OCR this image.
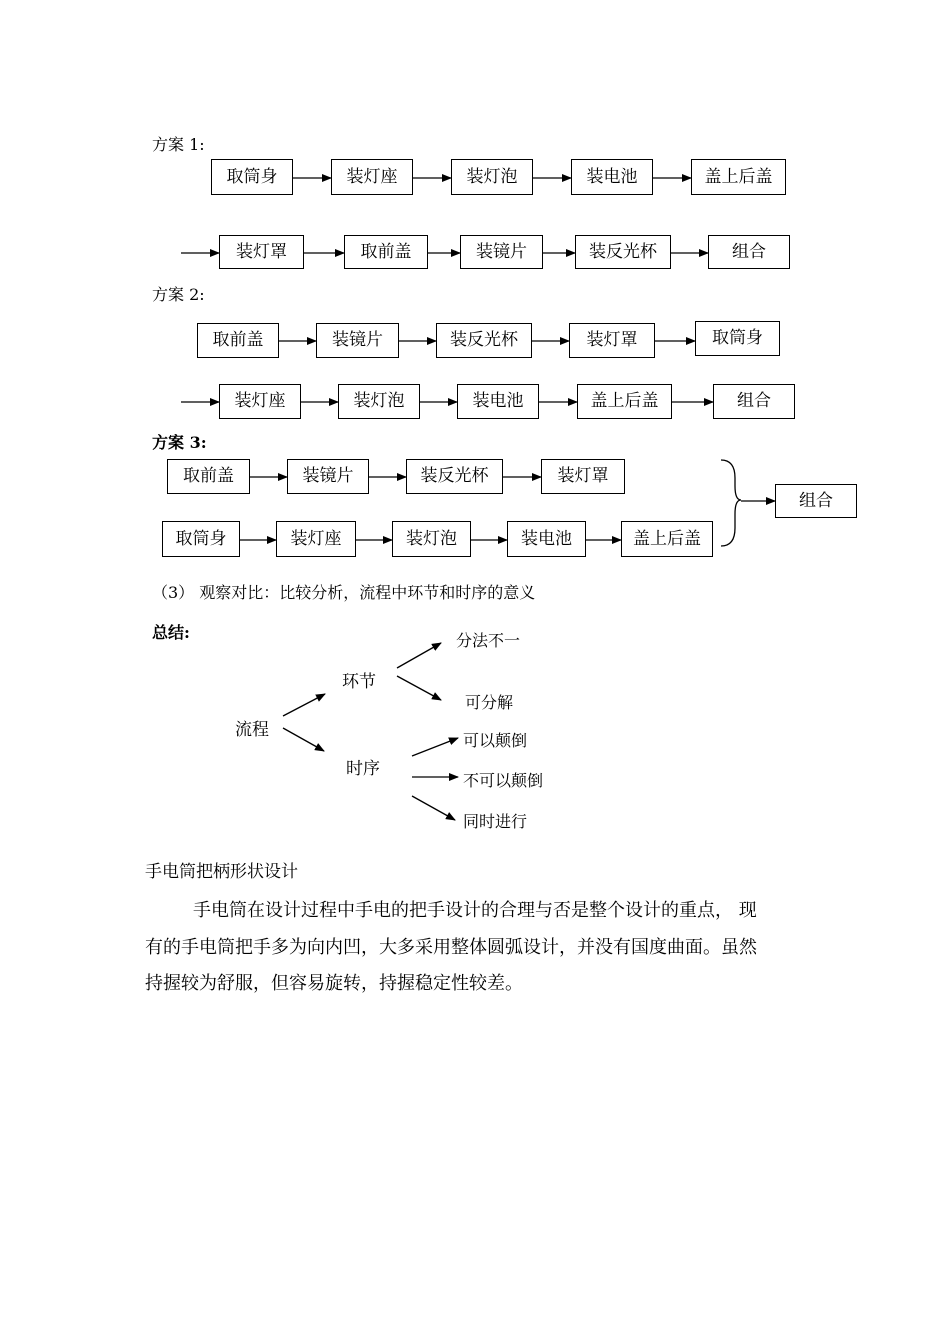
方案 1:
取筒身	装灯座	装灯泡	装电池	盖上后盖
装灯罩	取前盖	装镜片	装反光杯	组合
方案 2:
取前盖	装镜片	装反光杯	装灯罩	取筒身
装灯座	装灯泡	装电池	盖上后盖	组合
方案 3:
取前盖	装镜片	装反光杯	装灯罩
取筒身	装灯座	装灯泡	装电池	盖上后盖
组合
（3） 观察对比：比较分析，流程中环节和时序的意义
总结:
流程
环节
时序
分法不一
可分解
可以颠倒
不可以颠倒
同时进行
手电筒把柄形状设计
手电筒在设计过程中手电的把手设计的合理与否是整个设计的重点， 现
有的手电筒把手多为向内凹，大多采用整体圆弧设计，并没有国度曲面。虽然
持握较为舒服，但容易旋转，持握稳定性较差。
